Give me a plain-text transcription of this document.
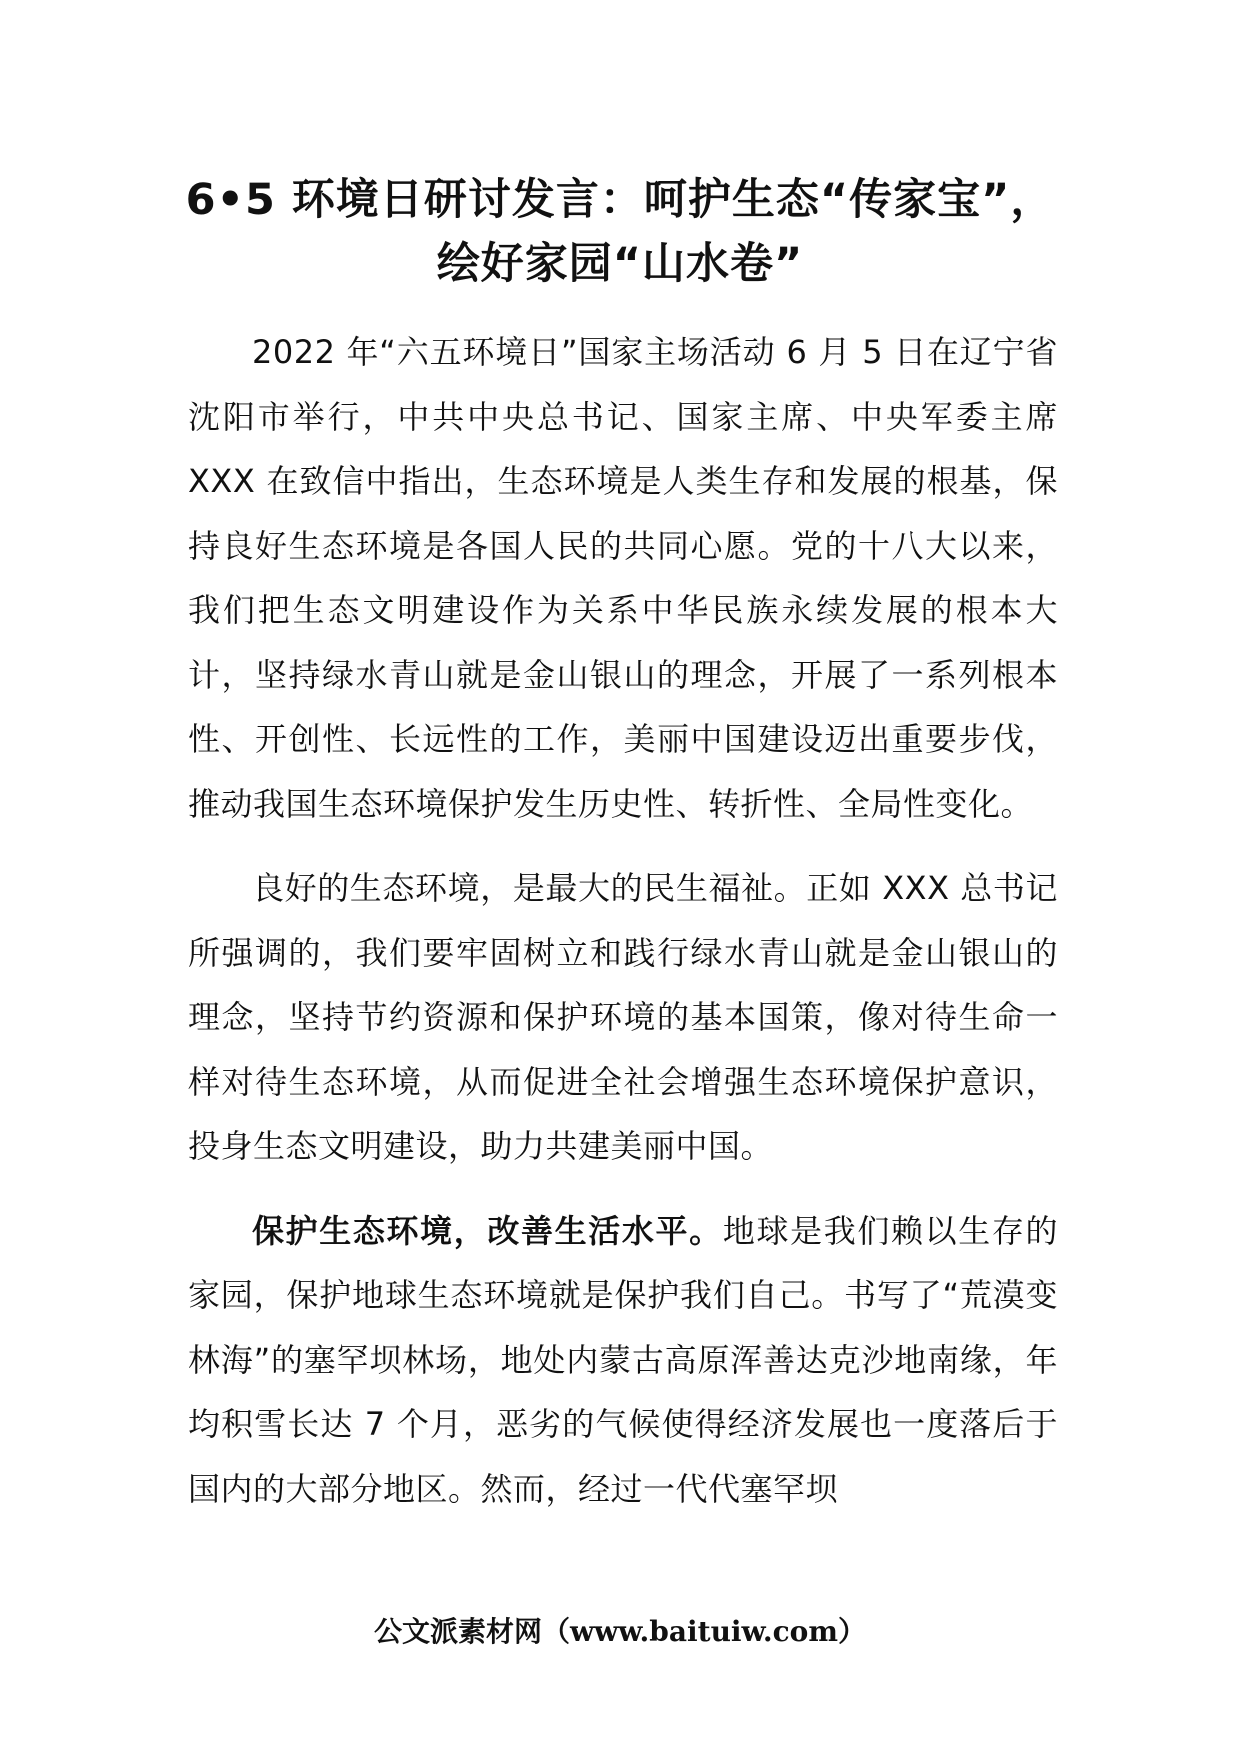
6•5 环境日研讨发言：呵护生态“传家宝”，
绘好家园“山水卷”

2022 年“六五环境日”国家主场活动 6 月 5 日在辽宁省沈阳市举行，中共中央总书记、国家主席、中央军委主席 XXX 在致信中指出，生态环境是人类生存和发展的根基，保持良好生态环境是各国人民的共同心愿。党的十八大以来，我们把生态文明建设作为关系中华民族永续发展的根本大计，坚持绿水青山就是金山银山的理念，开展了一系列根本性、开创性、长远性的工作，美丽中国建设迈出重要步伐，推动我国生态环境保护发生历史性、转折性、全局性变化。

良好的生态环境，是最大的民生福祉。正如 XXX 总书记所强调的，我们要牢固树立和践行绿水青山就是金山银山的理念，坚持节约资源和保护环境的基本国策，像对待生命一样对待生态环境，从而促进全社会增强生态环境保护意识，投身生态文明建设，助力共建美丽中国。

保护生态环境，改善生活水平。地球是我们赖以生存的家园，保护地球生态环境就是保护我们自己。书写了“荒漠变林海”的塞罕坝林场，地处内蒙古高原浑善达克沙地南缘，年均积雪长达 7 个月，恶劣的气候使得经济发展也一度落后于国内的大部分地区。然而，经过一代代塞罕坝

公文派素材网（www.baituiw.com）
